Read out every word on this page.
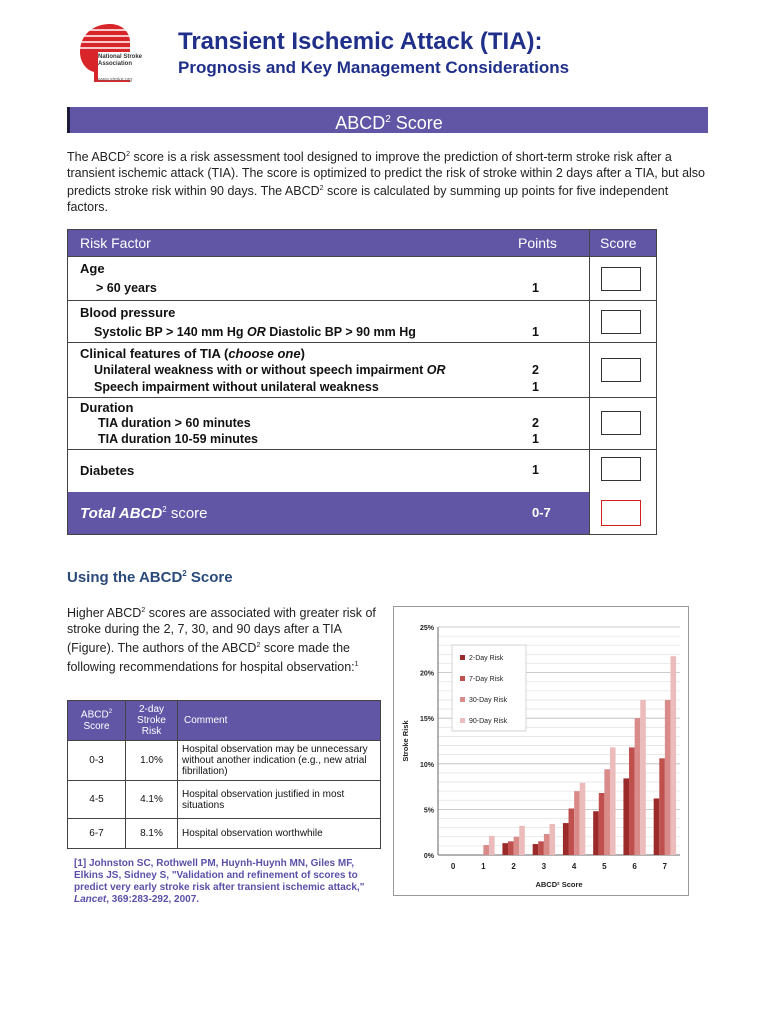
National Stroke
Association
www.stroke.org
Transient Ischemic Attack (TIA):
Prognosis and Key Management Considerations
ABCD$^2$ Score
The ABCD$^2$ score is a risk assessment tool designed to improve the prediction of short-term stroke risk after a transient ischemic attack (TIA). The score is optimized to predict the risk of stroke within 2 days after a TIA, but also predicts stroke risk within 90 days. The ABCD$^2$ score is calculated by summing up points for five independent factors.
Risk Factor	Points	Score
Age
> 60 years	1
Blood pressure
Systolic BP > 140 mm Hg OR Diastolic BP > 90 mm Hg	1
Clinical features of TIA (choose one)
Unilateral weakness with or without speech impairment OR	2
Speech impairment without unilateral weakness	1
Duration
TIA duration > 60 minutes	2
TIA duration 10-59 minutes	1
Diabetes	1
Total ABCD$^2$ score	0-7
Using the ABCD$^2$ Score
Higher ABCD$^2$ scores are associated with greater risk of stroke during the 2, 7, 30, and 90 days after a TIA (Figure). The authors of the ABCD$^2$ score made the following recommendations for hospital observation:$^1$
ABCD$^2$
Score	2-day Stroke Risk	Comment
0-3	1.0%	Hospital observation may be unnecessary without another indication (e.g., new atrial fibrillation)
4-5	4.1%	Hospital observation justified in most situations
6-7	8.1%	Hospital observation worthwhile
[1] Johnston SC, Rothwell PM, Huynh-Huynh MN, Giles MF, Elkins JS, Sidney S, "Validation and refinement of scores to predict very early stroke risk after transient ischemic attack," Lancet, 369:283-292, 2007.
0%
5%
10%
15%
20%
25%
0	1	2	3	4	5	6	7
ABCD² Score
Stroke Risk
2-Day Risk
7-Day Risk
30-Day Risk
90-Day Risk
